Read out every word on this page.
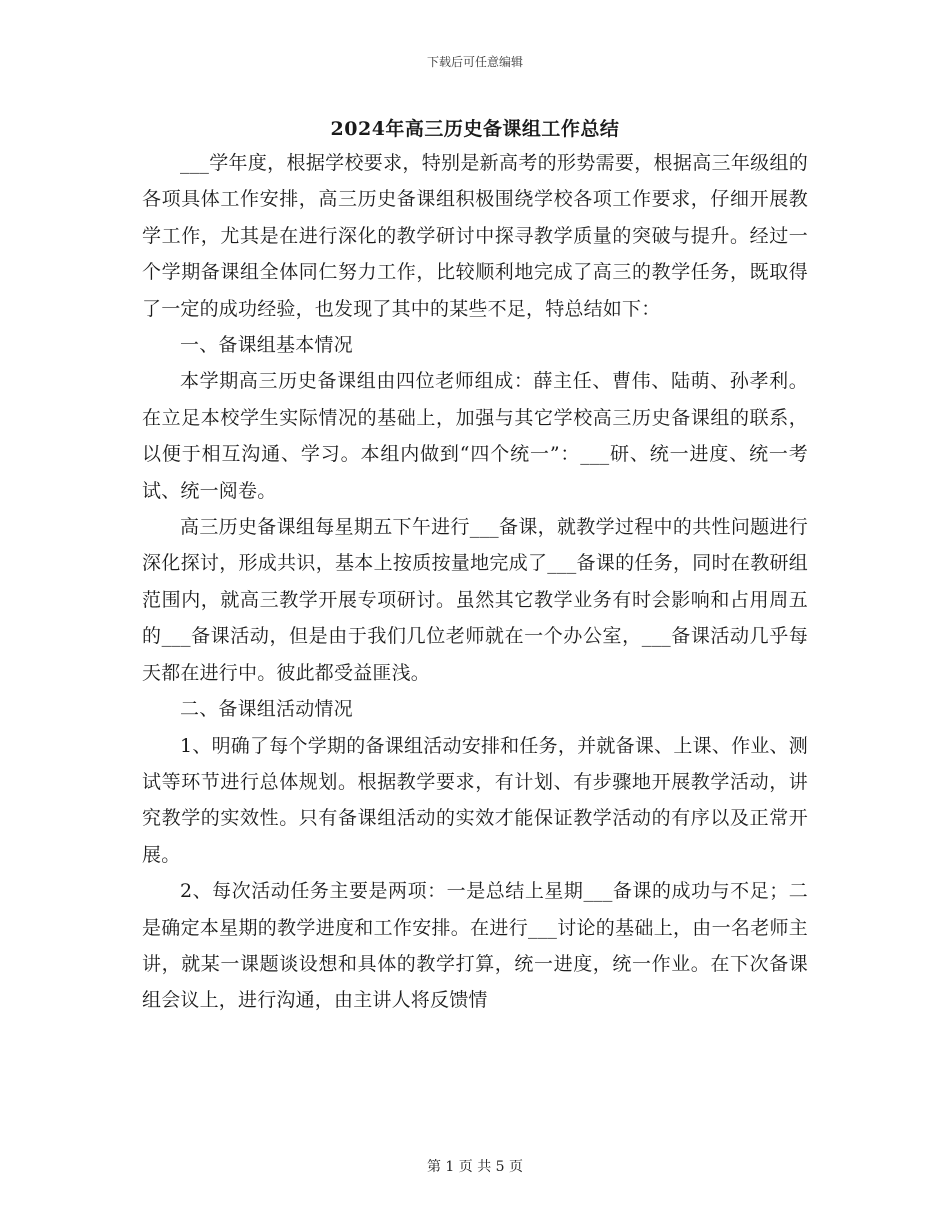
下载后可任意编辑
2024年高三历史备课组工作总结

___学年度，根据学校要求，特别是新高考的形势需要，根据高三年级组的各项具体工作安排，高三历史备课组积极围绕学校各项工作要求，仔细开展教学工作，尤其是在进行深化的教学研讨中探寻教学质量的突破与提升。经过一个学期备课组全体同仁努力工作，比较顺利地完成了高三的教学任务，既取得了一定的成功经验，也发现了其中的某些不足，特总结如下：

一、备课组基本情况

本学期高三历史备课组由四位老师组成：薛主任、曹伟、陆萌、孙孝利。在立足本校学生实际情况的基础上，加强与其它学校高三历史备课组的联系，以便于相互沟通、学习。本组内做到“四个统一”：___研、统一进度、统一考试、统一阅卷。

高三历史备课组每星期五下午进行___备课，就教学过程中的共性问题进行深化探讨，形成共识，基本上按质按量地完成了___备课的任务，同时在教研组范围内，就高三教学开展专项研讨。虽然其它教学业务有时会影响和占用周五的___备课活动，但是由于我们几位老师就在一个办公室，___备课活动几乎每天都在进行中。彼此都受益匪浅。

二、备课组活动情况

1、明确了每个学期的备课组活动安排和任务，并就备课、上课、作业、测试等环节进行总体规划。根据教学要求，有计划、有步骤地开展教学活动，讲究教学的实效性。只有备课组活动的实效才能保证教学活动的有序以及正常开展。

2、每次活动任务主要是两项：一是总结上星期___备课的成功与不足；二是确定本星期的教学进度和工作安排。在进行___讨论的基础上，由一名老师主讲，就某一课题谈设想和具体的教学打算，统一进度，统一作业。在下次备课组会议上，进行沟通，由主讲人将反馈情

第 1 页 共 5 页
